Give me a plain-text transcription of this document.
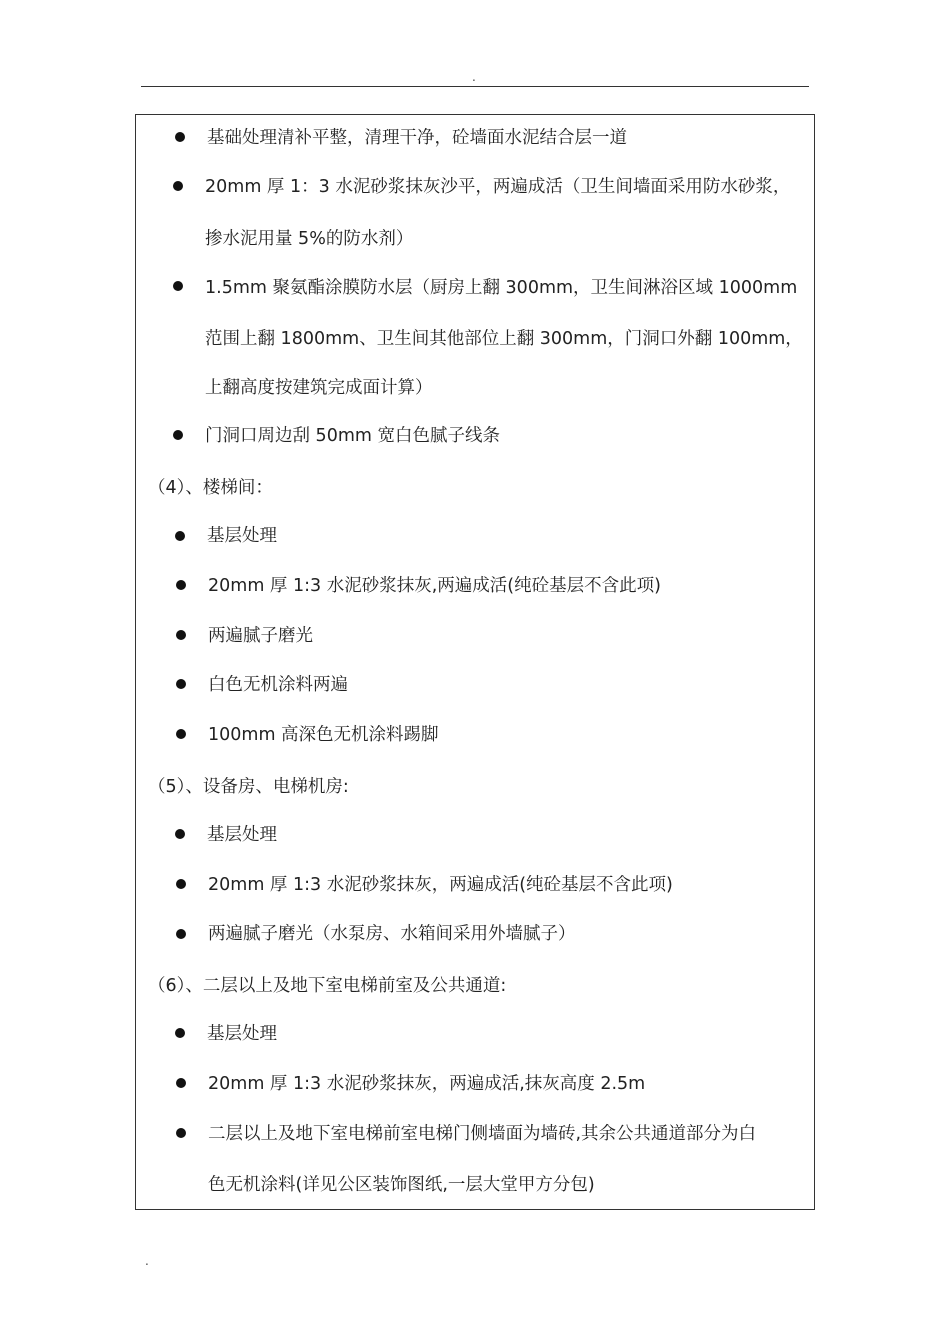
.
基础处理清补平整，清理干净，砼墙面水泥结合层一道
20mm 厚 1：3 水泥砂浆抹灰沙平，两遍成活（卫生间墙面采用防水砂浆，
掺水泥用量 5%的防水剂）
1.5mm 聚氨酯涂膜防水层（厨房上翻 300mm，卫生间淋浴区域 1000mm
范围上翻 1800mm、卫生间其他部位上翻 300mm，门洞口外翻 100mm，
上翻高度按建筑完成面计算）
门洞口周边刮 50mm 宽白色腻子线条
（4）、楼梯间：
基层处理
20mm 厚 1:3 水泥砂浆抹灰,两遍成活(纯砼基层不含此项)
两遍腻子磨光
白色无机涂料两遍
100mm 高深色无机涂料踢脚
（5）、设备房、电梯机房:
基层处理
20mm 厚 1:3 水泥砂浆抹灰，两遍成活(纯砼基层不含此项)
两遍腻子磨光（水泵房、水箱间采用外墙腻子）
（6）、二层以上及地下室电梯前室及公共通道:
基层处理
20mm 厚 1:3 水泥砂浆抹灰，两遍成活,抹灰高度 2.5m
二层以上及地下室电梯前室电梯门侧墙面为墙砖,其余公共通道部分为白
色无机涂料(详见公区装饰图纸,一层大堂甲方分包)
.
